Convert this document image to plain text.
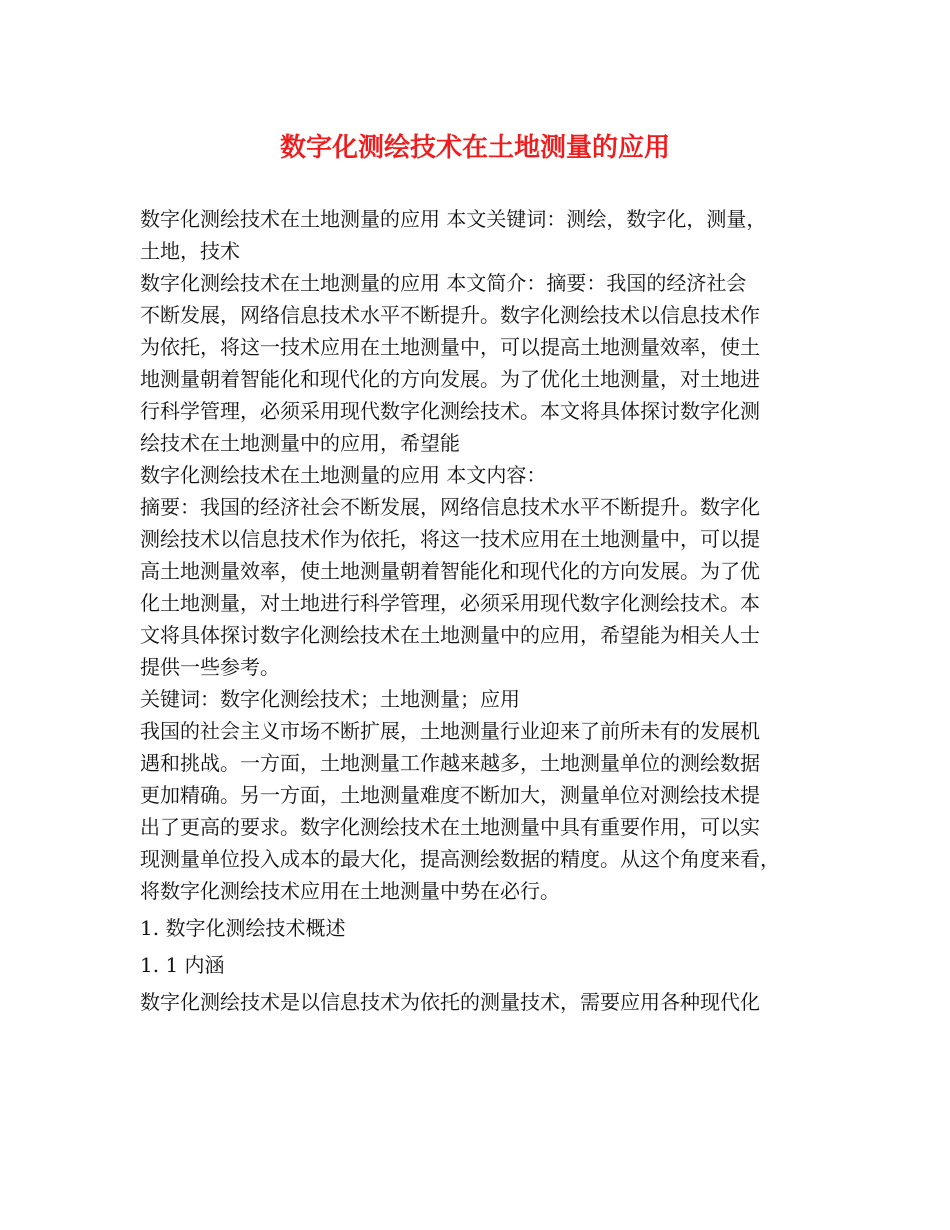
数字化测绘技术在土地测量的应用
数字化测绘技术在土地测量的应用 本文关键词：测绘，数字化，测量，
土地，技术
数字化测绘技术在土地测量的应用 本文简介：摘要：我国的经济社会
不断发展，网络信息技术水平不断提升。数字化测绘技术以信息技术作
为依托，将这一技术应用在土地测量中，可以提高土地测量效率，使土
地测量朝着智能化和现代化的方向发展。为了优化土地测量，对土地进
行科学管理，必须采用现代数字化测绘技术。本文将具体探讨数字化测
绘技术在土地测量中的应用，希望能
数字化测绘技术在土地测量的应用 本文内容：
摘要：我国的经济社会不断发展，网络信息技术水平不断提升。数字化
测绘技术以信息技术作为依托，将这一技术应用在土地测量中，可以提
高土地测量效率，使土地测量朝着智能化和现代化的方向发展。为了优
化土地测量，对土地进行科学管理，必须采用现代数字化测绘技术。本
文将具体探讨数字化测绘技术在土地测量中的应用，希望能为相关人士
提供一些参考。
关键词：数字化测绘技术；土地测量；应用
我国的社会主义市场不断扩展，土地测量行业迎来了前所未有的发展机
遇和挑战。一方面，土地测量工作越来越多，土地测量单位的测绘数据
更加精确。另一方面，土地测量难度不断加大，测量单位对测绘技术提
出了更高的要求。数字化测绘技术在土地测量中具有重要作用，可以实
现测量单位投入成本的最大化，提高测绘数据的精度。从这个角度来看，
将数字化测绘技术应用在土地测量中势在必行。
1. 数字化测绘技术概述
1. 1 内涵
数字化测绘技术是以信息技术为依托的测量技术，需要应用各种现代化
